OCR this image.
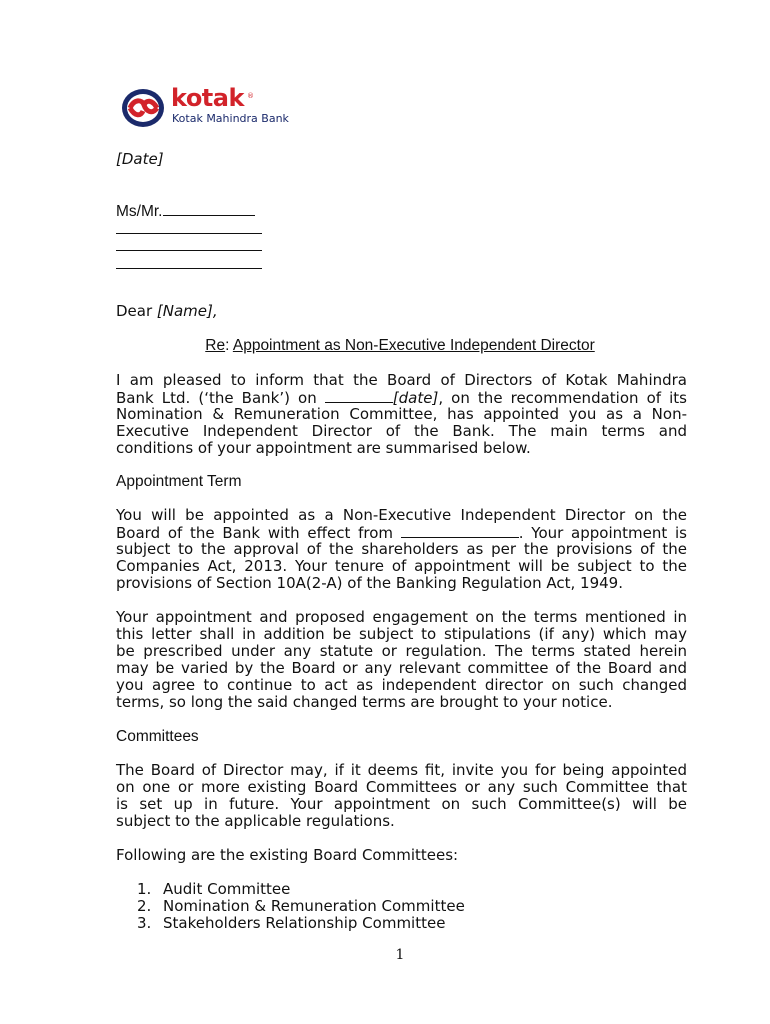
kotak ®
Kotak Mahindra Bank
[Date]
Ms/Mr.
Dear [Name],
Re: Appointment as Non-Executive Independent Director
I am pleased to inform that the Board of Directors of Kotak Mahindra
Bank Ltd. (‘the Bank’) on	[date], on the recommendation of its
Nomination & Remuneration Committee, has appointed you as a Non-
Executive Independent Director of the Bank. The main terms and
conditions of your appointment are summarised below.
Appointment Term
You will be appointed as a Non-Executive Independent Director on the
Board of the Bank with effect from	. Your appointment is
subject to the approval of the shareholders as per the provisions of the
Companies Act, 2013. Your tenure of appointment will be subject to the
provisions of Section 10A(2-A) of the Banking Regulation Act, 1949.
Your appointment and proposed engagement on the terms mentioned in
this letter shall in addition be subject to stipulations (if any) which may
be prescribed under any statute or regulation. The terms stated herein
may be varied by the Board or any relevant committee of the Board and
you agree to continue to act as independent director on such changed
terms, so long the said changed terms are brought to your notice.
Committees
The Board of Director may, if it deems fit, invite you for being appointed
on one or more existing Board Committees or any such Committee that
is set up in future. Your appointment on such Committee(s) will be
subject to the applicable regulations.
Following are the existing Board Committees:
1. Audit Committee
2. Nomination & Remuneration Committee
3. Stakeholders Relationship Committee
1
